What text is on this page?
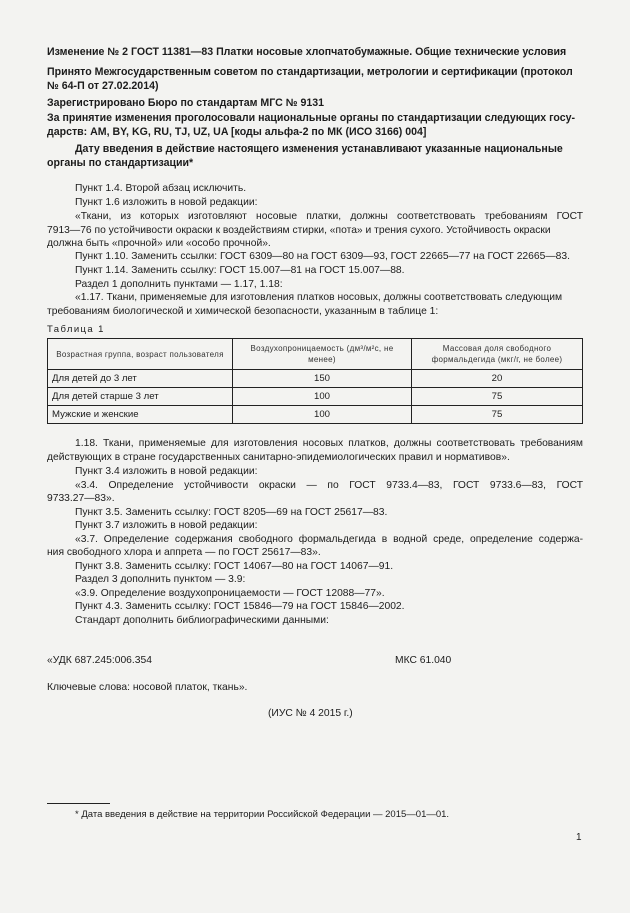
Изменение № 2 ГОСТ 11381—83 Платки носовые хлопчатобумажные. Общие технические условия
Принято Межгосударственным советом по стандартизации, метрологии и сертификации (протокол
№ 64-П от 27.02.2014)
Зарегистрировано Бюро по стандартам МГС № 9131
За принятие изменения проголосовали национальные органы по стандартизации следующих госу-
дарств: AM, BY, KG, RU, TJ, UZ, UA [коды альфа-2 по МК (ИСО 3166) 004]
Дату введения в действие настоящего изменения устанавливают указанные национальные
органы по стандартизации*
Пункт 1.4. Второй абзац исключить.
Пункт 1.6 изложить в новой редакции:
«Ткани, из которых изготовляют носовые платки, должны соответствовать требованиям ГОСТ
7913—76 по устойчивости окраски к воздействиям стирки, «пота» и трения сухого. Устойчивость окраски
должна быть «прочной» или «особо прочной».
Пункт 1.10. Заменить ссылки: ГОСТ 6309—80 на ГОСТ 6309—93, ГОСТ 22665—77 на ГОСТ 22665—83.
Пункт 1.14. Заменить ссылку: ГОСТ 15.007—81 на ГОСТ 15.007—88.
Раздел 1 дополнить пунктами — 1.17, 1.18:
«1.17. Ткани, применяемые для изготовления платков носовых, должны соответствовать следующим
требованиям биологической и химической безопасности, указанным в таблице 1:
Таблица 1
Возрастная группа, возраст пользователя	Воздухопроницаемость (дм³/м²с, не менее)	Массовая доля свободного формальдегида (мкг/г, не более)
Для детей до 3 лет	150	20
Для детей старше 3 лет	100	75
Мужские и женские	100	75
1.18. Ткани, применяемые для изготовления носовых платков, должны соответствовать требованиям
действующих в стране государственных санитарно-эпидемиологических правил и нормативов».
Пункт 3.4 изложить в новой редакции:
«3.4. Определение устойчивости окраски — по ГОСТ 9733.4—83, ГОСТ 9733.6—83, ГОСТ
9733.27—83».
Пункт 3.5. Заменить ссылку: ГОСТ 8205—69 на ГОСТ 25617—83.
Пункт 3.7 изложить в новой редакции:
«3.7. Определение содержания свободного формальдегида в водной среде, определение содержа-
ния свободного хлора и аппрета — по ГОСТ 25617—83».
Пункт 3.8. Заменить ссылку: ГОСТ 14067—80 на ГОСТ 14067—91.
Раздел 3 дополнить пунктом — 3.9:
«3.9. Определение воздухопроницаемости — ГОСТ 12088—77».
Пункт 4.3. Заменить ссылку: ГОСТ 15846—79 на ГОСТ 15846—2002.
Стандарт дополнить библиографическими данными:
«УДК 687.245:006.354	МКС 61.040
Ключевые слова: носовой платок, ткань».
(ИУС № 4 2015 г.)
* Дата введения в действие на территории Российской Федерации — 2015—01—01.
1
